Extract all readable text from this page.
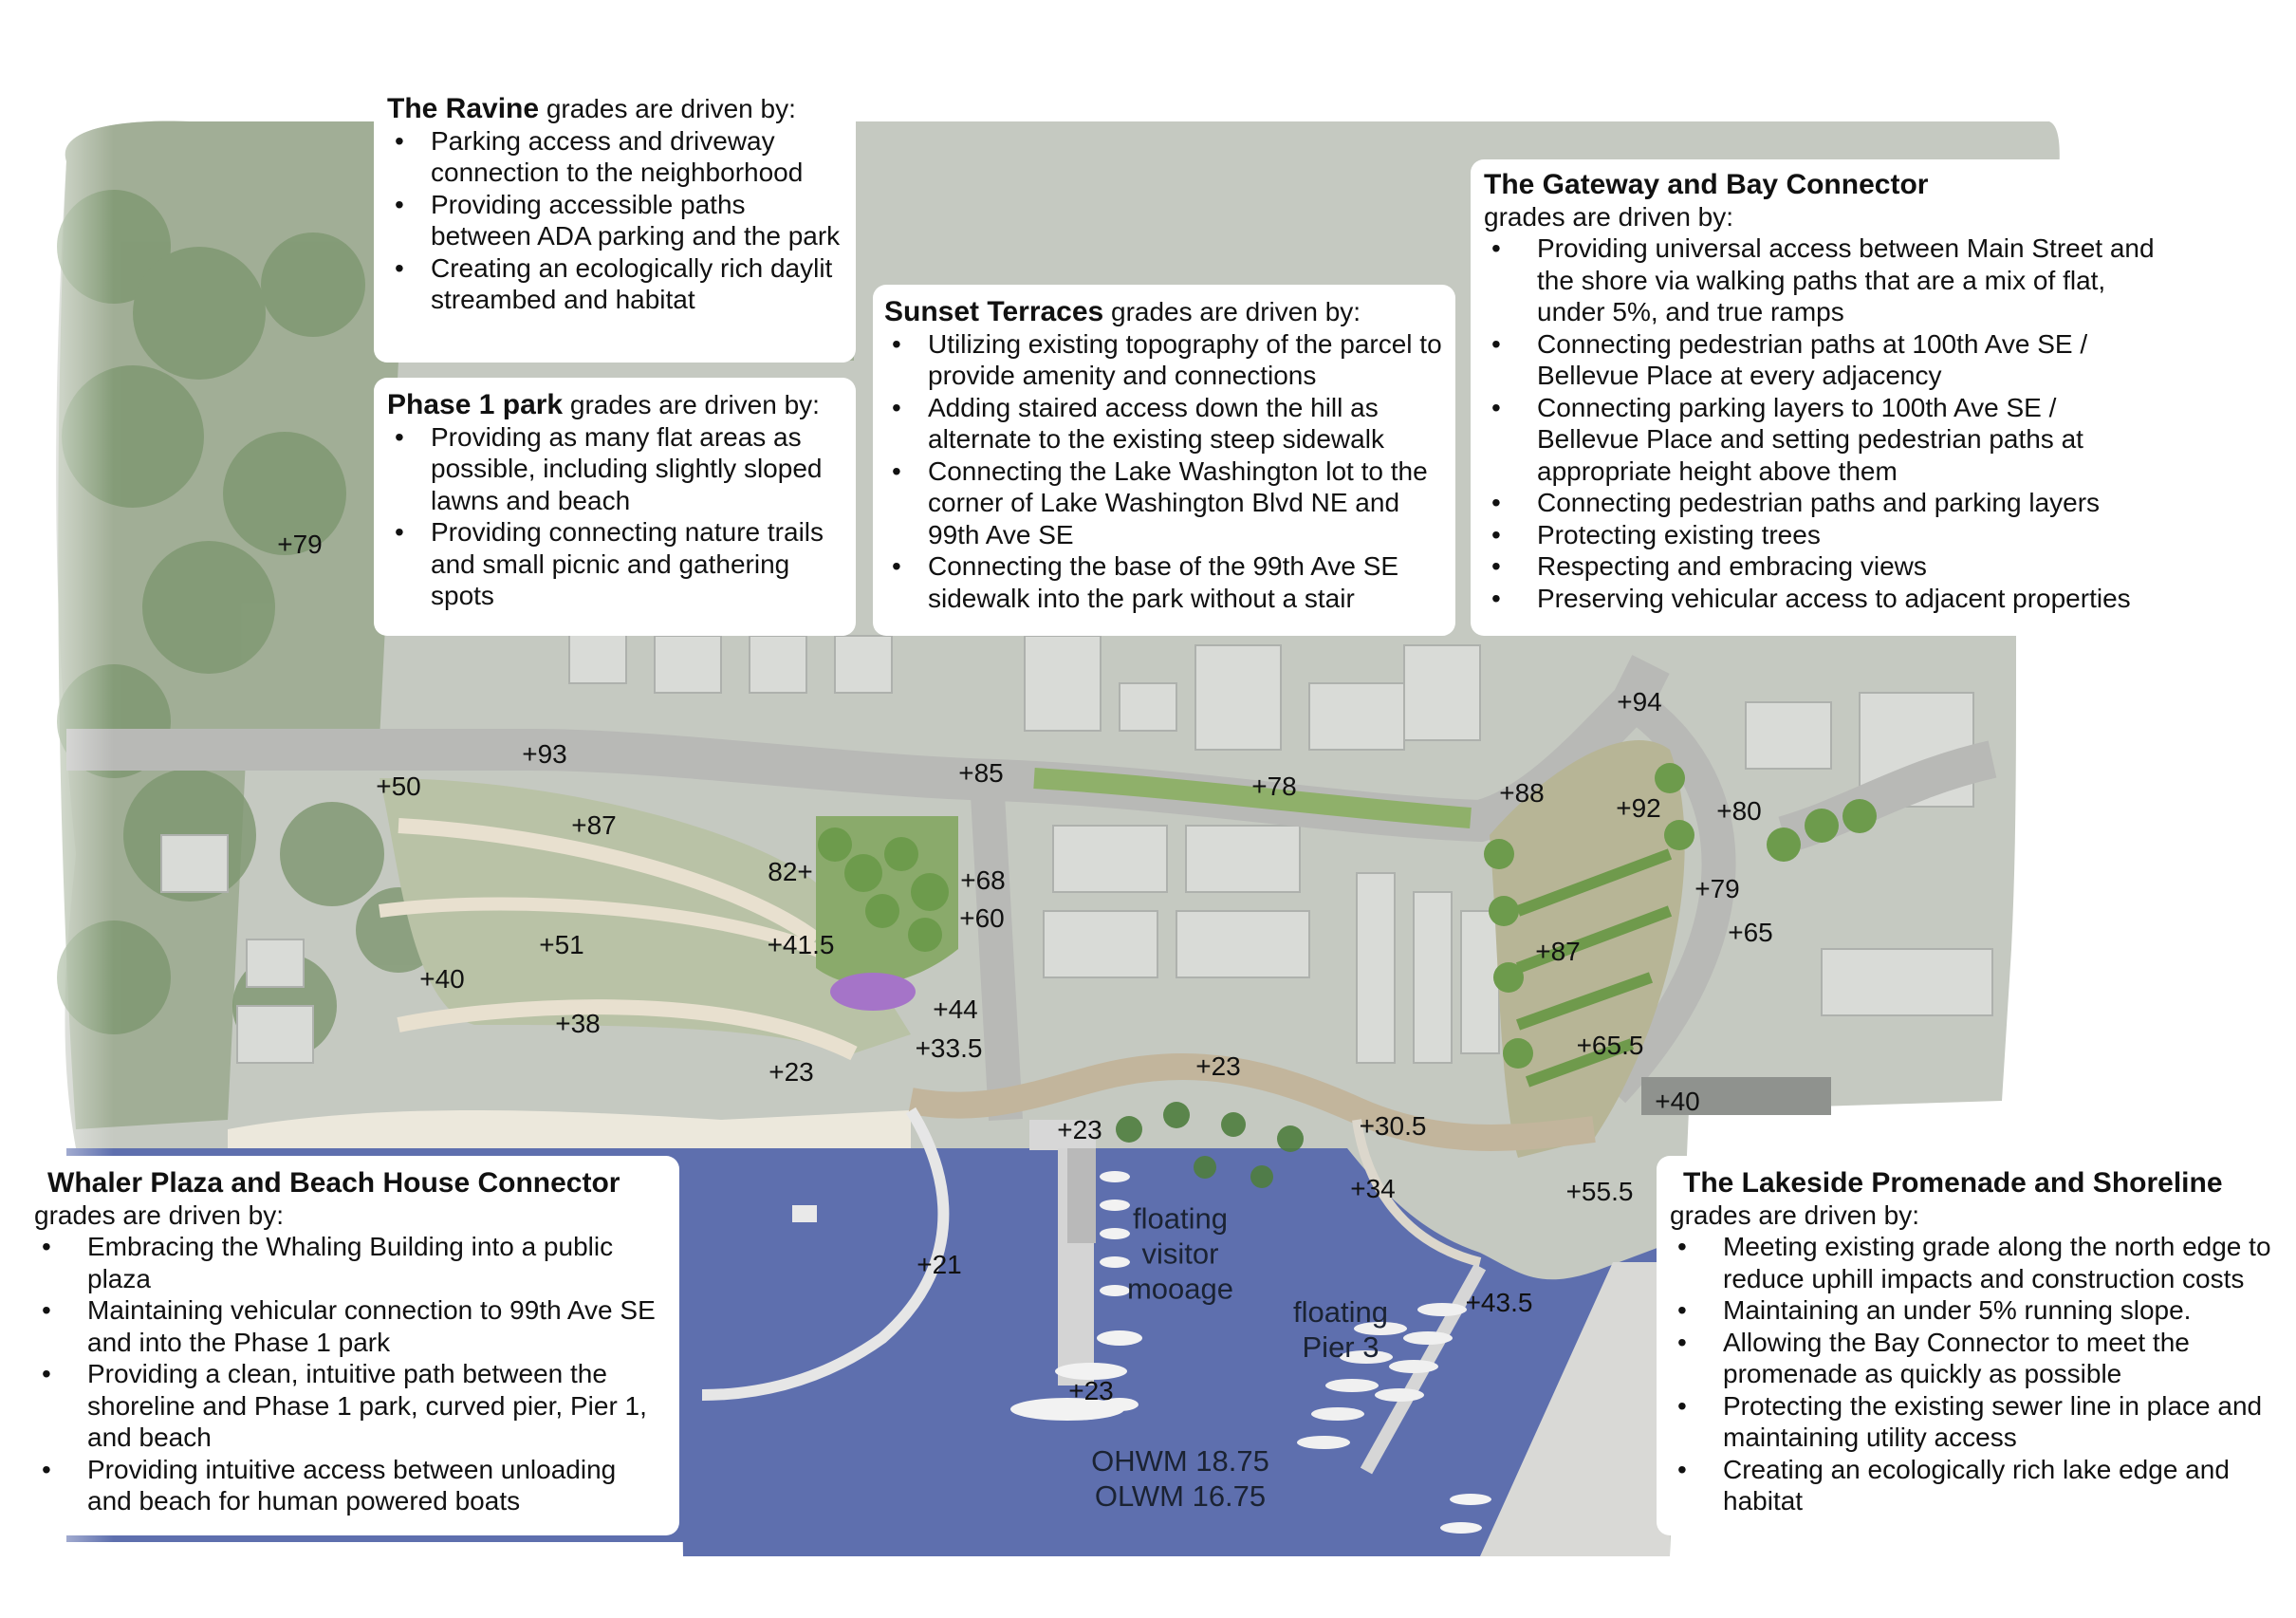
+79
+93
+50
+87
+85	+78
+94
+88
+92 +80
82+	+68
+60
+79
+65
+51	+41.5
+40
+87
+44
+38
+33.5
+23	+23
+65.5
+40
+23	+30.5
+34	+55.5
+21
+43.5
+23
floating
visitor
mooage
floating
Pier 3
OHWM 18.75
OLWM 16.75
The Ravine grades are driven by:
• Parking access and driveway connection to the neighborhood
• Providing accessible paths between ADA parking and the park
• Creating an ecologically rich daylit streambed and habitat
Phase 1 park grades are driven by:
• Providing as many flat areas as possible, including slightly sloped lawns and beach
• Providing connecting nature trails and small picnic and gathering spots
Sunset Terraces grades are driven by:
• Utilizing existing topography of the parcel to provide amenity and connections
• Adding staired access down the hill as alternate to the existing steep sidewalk
• Connecting the Lake Washington lot to the corner of Lake Washington Blvd NE and 99th Ave SE
• Connecting the base of the 99th Ave SE sidewalk into the park without a stair
The Gateway and Bay Connector
grades are driven by:
• Providing universal access between Main Street and the shore via walking paths that are a mix of flat, under 5%, and true ramps
• Connecting pedestrian paths at 100th Ave SE / Bellevue Place at every adjacency
• Connecting parking layers to 100th Ave SE / Bellevue Place and setting pedestrian paths at appropriate height above them
• Connecting pedestrian paths and parking layers
• Protecting existing trees
• Respecting and embracing views
• Preserving vehicular access to adjacent properties
Whaler Plaza and Beach House Connector
grades are driven by:
• Embracing the Whaling Building into a public plaza
• Maintaining vehicular connection to 99th Ave SE and into the Phase 1 park
• Providing a clean, intuitive path between the shoreline and Phase 1 park, curved pier, Pier 1, and beach
• Providing intuitive access between unloading and beach for human powered boats
The Lakeside Promenade and Shoreline
grades are driven by:
• Meeting existing grade along the north edge to reduce uphill impacts and construction costs
• Maintaining an under 5% running slope.
• Allowing the Bay Connector to meet the promenade as quickly as possible
• Protecting the existing sewer line in place and maintaining utility access
• Creating an ecologically rich lake edge and habitat
